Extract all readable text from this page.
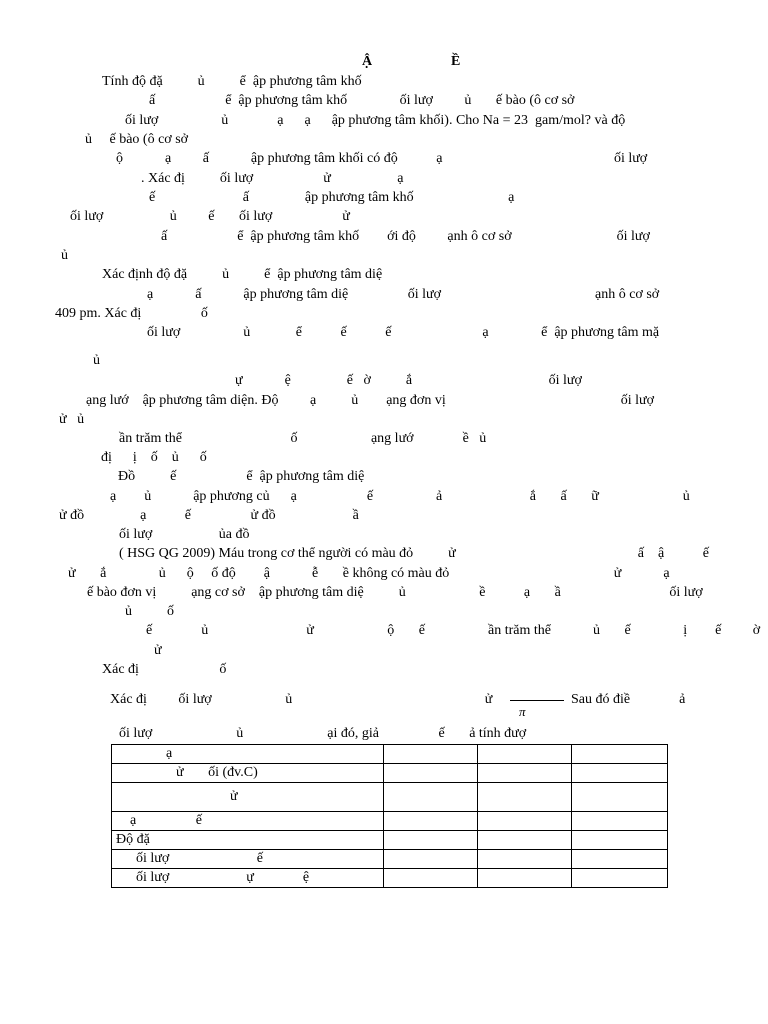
Ậ	Ề
Tính độ đặ          ủ          ể  ập phương tâm khố
ấ                    ể  ập phương tâm khố               ối lượ         ủ       ế bào (ô cơ sở
ối lượ                  ủ              ạ      ạ      ập phương tâm khối). Cho Na = 23  gam/mol? và độ
ủ     ế bào (ô cơ sở
ộ            ạ         ấ            ập phương tâm khối có độ           ạ                                                 ối lượ
. Xác đị          ối lượ                    ử                   ạ
ế                         ấ                ập phương tâm khố                           ạ
ối lượ                   ủ         ế       ối lượ                    ử
ấ                    ể  ập phương tâm khố        ới độ         ạnh ô cơ sở                              ối lượ
ủ
Xác định độ đặ          ủ          ể  ập phương tâm diệ
ạ            ấ            ập phương tâm diệ                 ối lượ                                            ạnh ô cơ sở
409 pm. Xác đị                 ố
ối lượ                  ủ             ể           ế           ế                          ạ               ể  ập phương tâm mặ
ủ
ự            ệ                ế   ờ          ắ                                       ối lượ
ạng lướ    ập phương tâm diện. Độ         ạ          ủ        ạng đơn vị                                                  ối lượ
ử   ủ
ần trăm thể                               ố                     ạng lướ              ề   ủ
đị      ị    ố    ủ      ố
Đồ          ế                    ể  ập phương tâm diệ
ạ        ủ            ập phương củ      ạ                    ế                  ả                         ắ       ấ       ữ                        ủ
ử đồ                ạ           ế                 ử đồ                      ầ
ối lượ                   ủa đồ
( HSG QG 2009) Máu trong cơ thể người có màu đỏ          ử                                                    ấ    ậ           ế
ử       ắ               ủ      ộ     ố độ        ậ            ễ       ề không có màu đỏ                                               ử            ạ
ế bào đơn vị          ạng cơ sở    ập phương tâm diệ          ủ                     ề           ạ       ầ                               ối lượ
ủ          ố
ế              ủ                            ử                     ộ       ế                  ần trăm thể            ủ       ế               ị        ế         ờ
ử
Xác đị                       ố
Xác đị         ối lượ                     ủ                                                       ử
π
Sau đó điề              ả
ối lượ                        ủ                        ại đó, giả                 ế       ả tính đượ
ạ			
ử       ối (đv.C)			
ử			
ạ                 ế			
Độ đặ			
ối lượ                         ế			
ối lượ                      ự              ệ			
